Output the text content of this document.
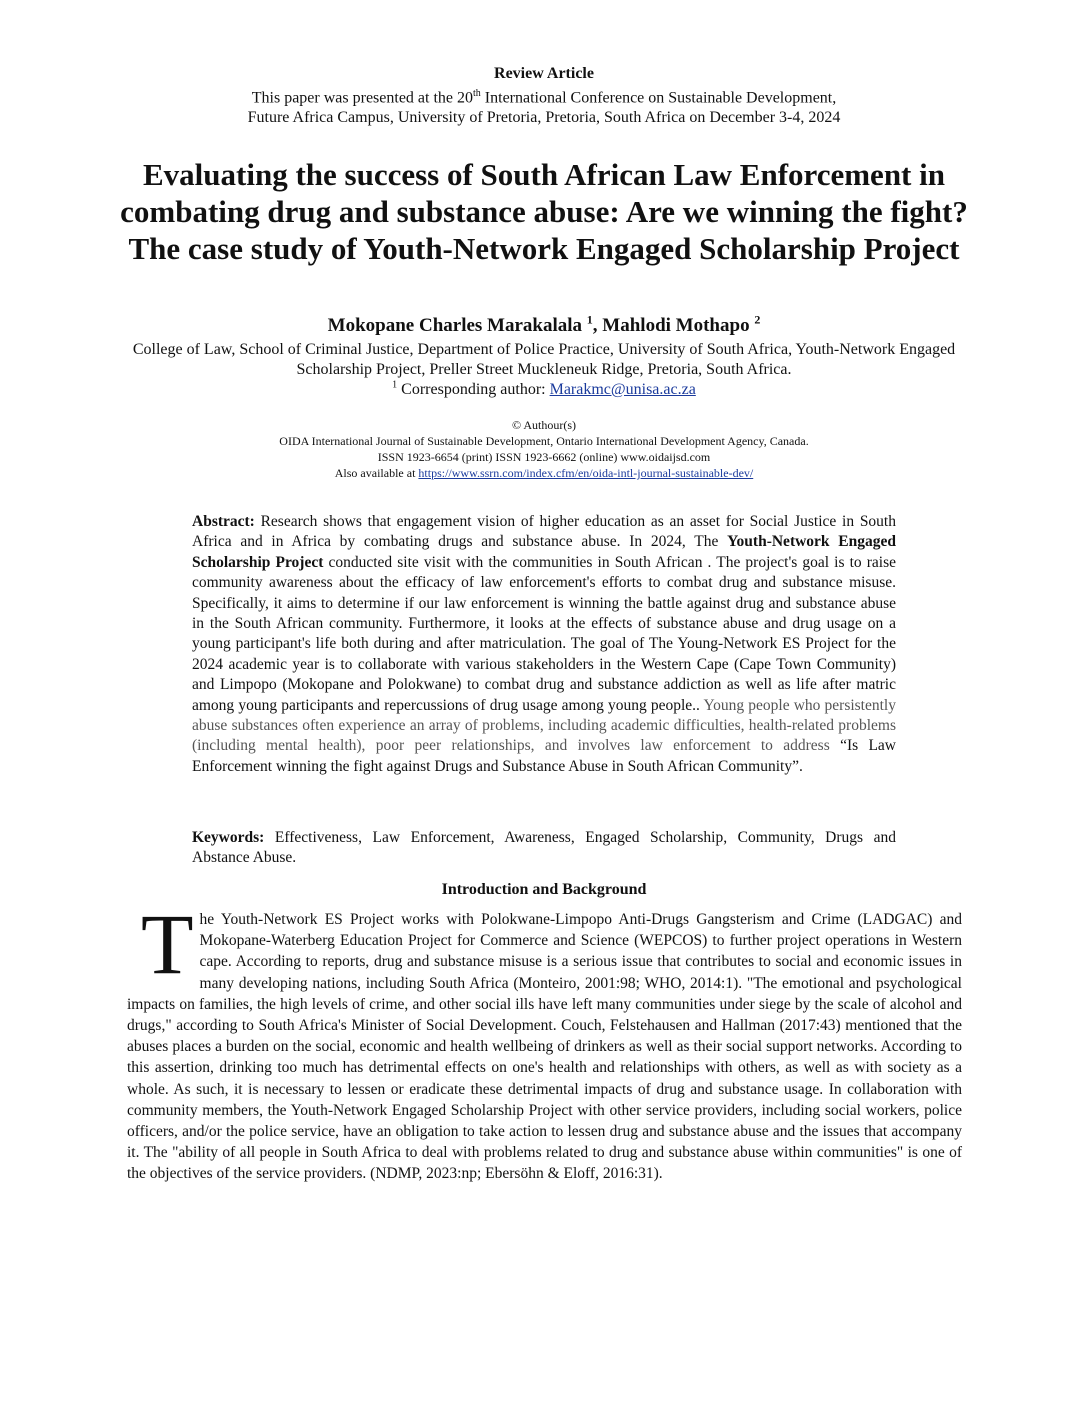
Review Article
This paper was presented at the 20th International Conference on Sustainable Development,
Future Africa Campus, University of Pretoria, Pretoria, South Africa on December 3-4, 2024
Evaluating the success of South African Law Enforcement in combating drug and substance abuse: Are we winning the fight? The case study of Youth-Network Engaged Scholarship Project
Mokopane Charles Marakalala $^1$, Mahlodi Mothapo $^2$
College of Law, School of Criminal Justice, Department of Police Practice, University of South Africa, Youth-Network Engaged Scholarship Project, Preller Street Muckleneuk Ridge, Pretoria, South Africa.
$^1$ Corresponding author: Marakmc@unisa.ac.za
© Authour(s)
OIDA International Journal of Sustainable Development, Ontario International Development Agency, Canada.
ISSN 1923-6654 (print) ISSN 1923-6662 (online) www.oidaijsd.com
Also available at https://www.ssrn.com/index.cfm/en/oida-intl-journal-sustainable-dev/

Abstract: Research shows that engagement vision of higher education as an asset for Social Justice in South Africa and in Africa by combating drugs and substance abuse. In 2024, The Youth-Network Engaged Scholarship Project conducted site visit with the communities in South African . The project's goal is to raise community awareness about the efficacy of law enforcement's efforts to combat drug and substance misuse. Specifically, it aims to determine if our law enforcement is winning the battle against drug and substance abuse in the South African community. Furthermore, it looks at the effects of substance abuse and drug usage on a young participant's life both during and after matriculation. The goal of The Young-Network ES Project for the 2024 academic year is to collaborate with various stakeholders in the Western Cape (Cape Town Community) and Limpopo (Mokopane and Polokwane) to combat drug and substance addiction as well as life after matric among young participants and repercussions of drug usage among young people.. Young people who persistently abuse substances often experience an array of problems, including academic difficulties, health-related problems (including mental health), poor peer relationships, and involves law enforcement to address “Is Law Enforcement winning the fight against Drugs and Substance Abuse in South African Community”.

Keywords: Effectiveness, Law Enforcement, Awareness, Engaged Scholarship, Community, Drugs and Abstance Abuse.

Introduction and Background

The Youth-Network ES Project works with Polokwane-Limpopo Anti-Drugs Gangsterism and Crime (LADGAC) and Mokopane-Waterberg Education Project for Commerce and Science (WEPCOS) to further project operations in Western cape. According to reports, drug and substance misuse is a serious issue that contributes to social and economic issues in many developing nations, including South Africa (Monteiro, 2001:98; WHO, 2014:1). "The emotional and psychological impacts on families, the high levels of crime, and other social ills have left many communities under siege by the scale of alcohol and drugs," according to South Africa's Minister of Social Development. Couch, Felstehausen and Hallman (2017:43) mentioned that the abuses places a burden on the social, economic and health wellbeing of drinkers as well as their social support networks. According to this assertion, drinking too much has detrimental effects on one's health and relationships with others, as well as with society as a whole. As such, it is necessary to lessen or eradicate these detrimental impacts of drug and substance usage. In collaboration with community members, the Youth-Network Engaged Scholarship Project with other service providers, including social workers, police officers, and/or the police service, have an obligation to take action to lessen drug and substance abuse and the issues that accompany it. The "ability of all people in South Africa to deal with problems related to drug and substance abuse within communities" is one of the objectives of the service providers. (NDMP, 2023:np; Ebersöhn & Eloff, 2016:31).
